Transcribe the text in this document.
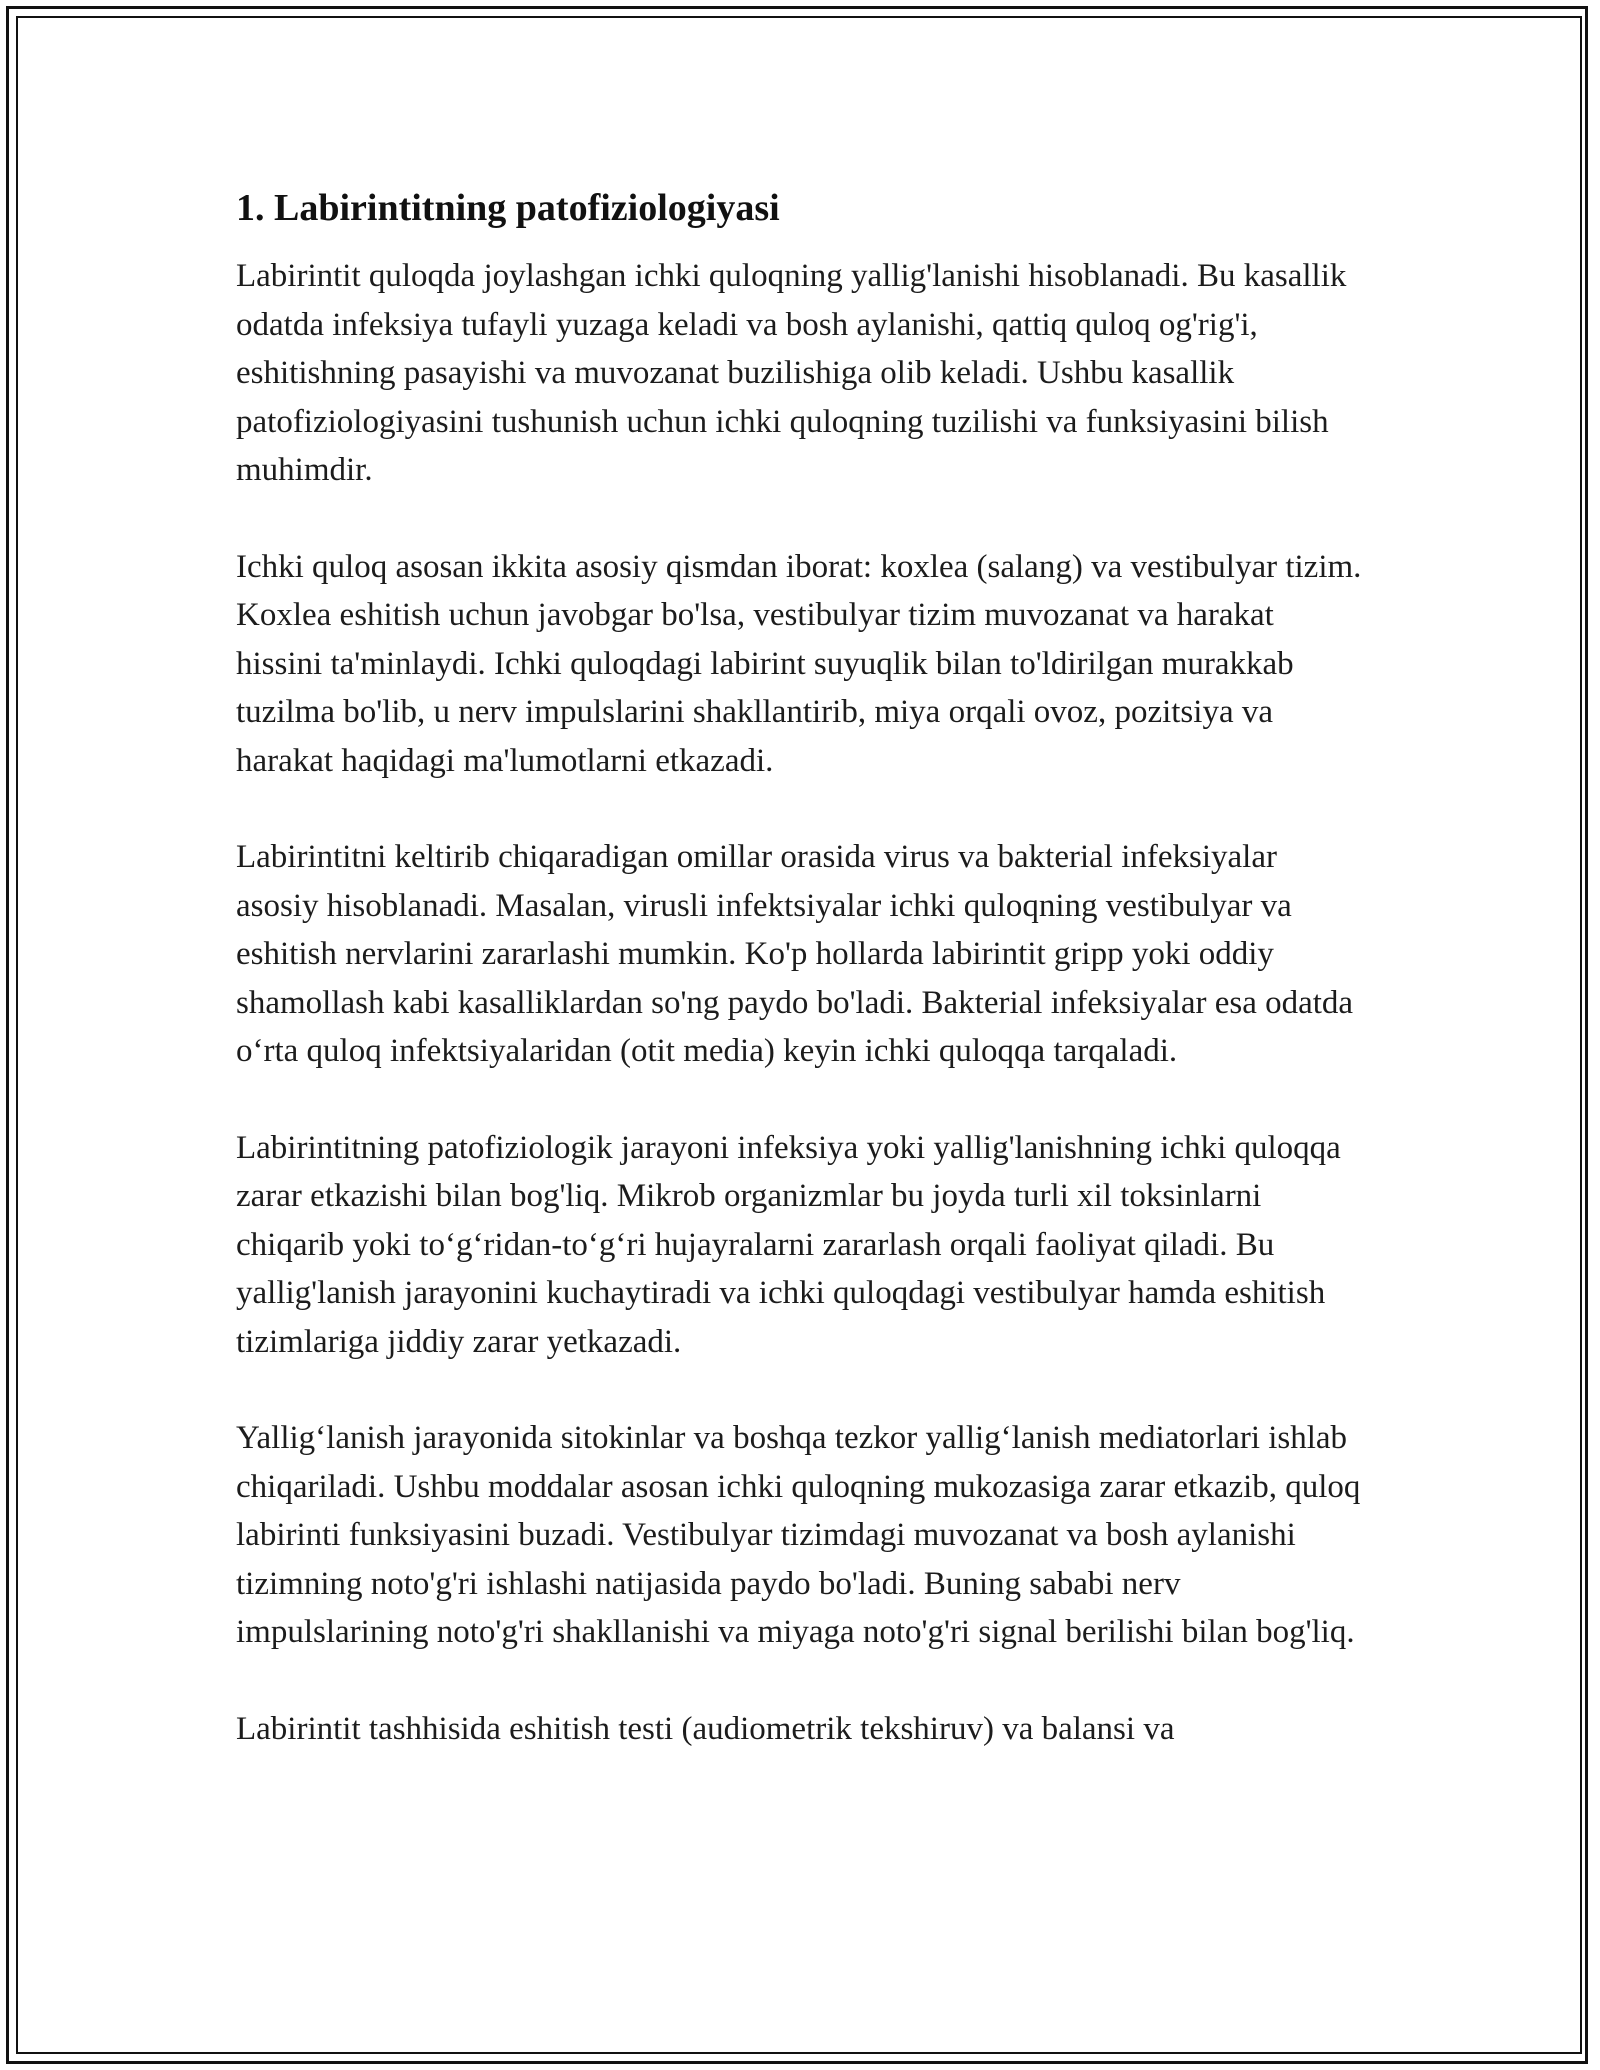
1. Labirintitning patofiziologiyasi

Labirintit quloqda joylashgan ichki quloqning yallig'lanishi hisoblanadi. Bu kasallik odatda infeksiya tufayli yuzaga keladi va bosh aylanishi, qattiq quloq og'rig'i, eshitishning pasayishi va muvozanat buzilishiga olib keladi. Ushbu kasallik patofiziologiyasini tushunish uchun ichki quloqning tuzilishi va funksiyasini bilish muhimdir.

Ichki quloq asosan ikkita asosiy qismdan iborat: koxlea (salang) va vestibulyar tizim. Koxlea eshitish uchun javobgar bo'lsa, vestibulyar tizim muvozanat va harakat hissini ta'minlaydi. Ichki quloqdagi labirint suyuqlik bilan to'ldirilgan murakkab tuzilma bo'lib, u nerv impulslarini shakllantirib, miya orqali ovoz, pozitsiya va harakat haqidagi ma'lumotlarni etkazadi.

Labirintitni keltirib chiqaradigan omillar orasida virus va bakterial infeksiyalar asosiy hisoblanadi. Masalan, virusli infektsiyalar ichki quloqning vestibulyar va eshitish nervlarini zararlashi mumkin. Ko'p hollarda labirintit gripp yoki oddiy shamollash kabi kasalliklardan so'ng paydo bo'ladi. Bakterial infeksiyalar esa odatda o‘rta quloq infektsiyalaridan (otit media) keyin ichki quloqqa tarqaladi.

Labirintitning patofiziologik jarayoni infeksiya yoki yallig'lanishning ichki quloqqa zarar etkazishi bilan bog'liq. Mikrob organizmlar bu joyda turli xil toksinlarni chiqarib yoki to‘g‘ridan-to‘g‘ri hujayralarni zararlash orqali faoliyat qiladi. Bu yallig'lanish jarayonini kuchaytiradi va ichki quloqdagi vestibulyar hamda eshitish tizimlariga jiddiy zarar yetkazadi.

Yallig‘lanish jarayonida sitokinlar va boshqa tezkor yallig‘lanish mediatorlari ishlab chiqariladi. Ushbu moddalar asosan ichki quloqning mukozasiga zarar etkazib, quloq labirinti funksiyasini buzadi. Vestibulyar tizimdagi muvozanat va bosh aylanishi tizimning noto'g'ri ishlashi natijasida paydo bo'ladi. Buning sababi nerv impulslarining noto'g'ri shakllanishi va miyaga noto'g'ri signal berilishi bilan bog'liq.

Labirintit tashhisida eshitish testi (audiometrik tekshiruv) va balansi va
